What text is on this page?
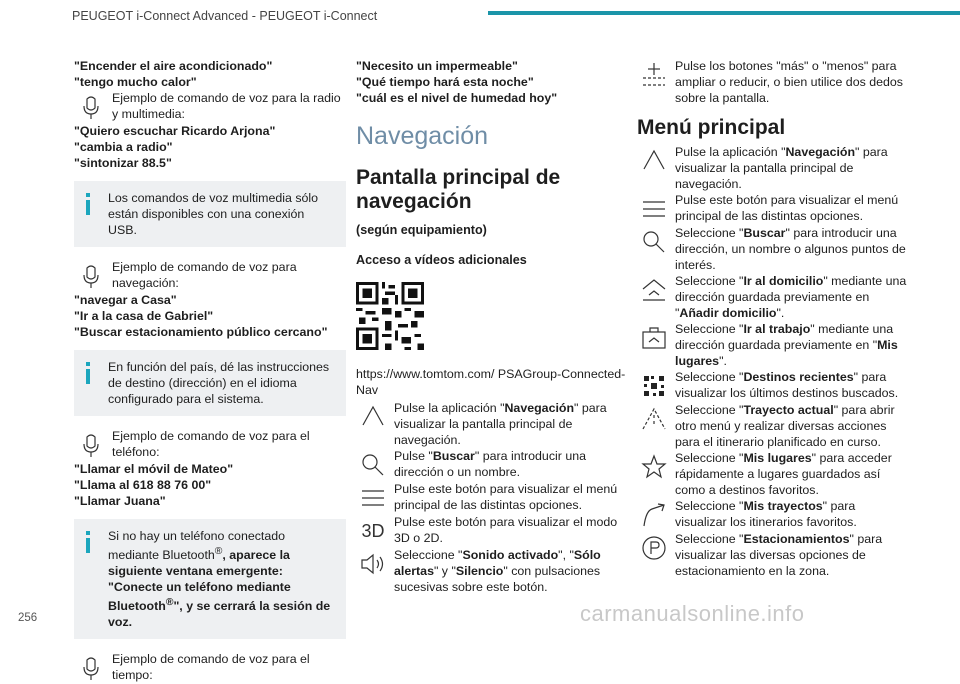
PEUGEOT i-Connect Advanced - PEUGEOT i-Connect

"Encender el aire acondicionado"

"tengo mucho calor"

Ejemplo de comando de voz para la radio y multimedia:

"Quiero escuchar Ricardo Arjona"

"cambia a radio"

"sintonizar 88.5"

Los comandos de voz multimedia sólo están disponibles con una conexión USB.

Ejemplo de comando de voz para navegación:

"navegar a Casa"

"Ir a la casa de Gabriel"

"Buscar estacionamiento público cercano"

En función del país, dé las instrucciones de destino (dirección) en el idioma configurado para el sistema.

Ejemplo de comando de voz para el teléfono:

"Llamar el móvil de Mateo"

"Llama al 618 88 76 00"

"Llamar Juana"

Si no hay un teléfono conectado mediante Bluetooth®, aparece la siguiente ventana emergente: "Conecte un teléfono mediante Bluetooth®", y se cerrará la sesión de voz.

Ejemplo de comando de voz para el tiempo:

"Necesito un impermeable"

"Qué tiempo hará esta noche"

"cuál es el nivel de humedad hoy"

Navegación
Pantalla principal de navegación
(según equipamiento)
Acceso a vídeos adicionales

https://www.tomtom.com/ PSAGroup-Connected-Nav

Pulse la aplicación "Navegación" para visualizar la pantalla principal de navegación.

Pulse "Buscar" para introducir una dirección o un nombre.

Pulse este botón para visualizar el menú principal de las distintas opciones.

3D Pulse este botón para visualizar el modo 3D o 2D.

Seleccione "Sonido activado", "Sólo alertas" y "Silencio" con pulsaciones sucesivas sobre este botón.

Pulse los botones "más" o "menos" para ampliar o reducir, o bien utilice dos dedos sobre la pantalla.

Menú principal

Pulse la aplicación "Navegación" para visualizar la pantalla principal de navegación.

Pulse este botón para visualizar el menú principal de las distintas opciones.

Seleccione "Buscar" para introducir una dirección, un nombre o algunos puntos de interés.

Seleccione "Ir al domicilio" mediante una dirección guardada previamente en "Añadir domicilio".

Seleccione "Ir al trabajo" mediante una dirección guardada previamente en "Mis lugares".

Seleccione "Destinos recientes" para visualizar los últimos destinos buscados.

Seleccione "Trayecto actual" para abrir otro menú y realizar diversas acciones para el itinerario planificado en curso.

Seleccione "Mis lugares" para acceder rápidamente a lugares guardados así como a destinos favoritos.

Seleccione "Mis trayectos" para visualizar los itinerarios favoritos.

Seleccione "Estacionamientos" para visualizar las diversas opciones de estacionamiento en la zona.

256	carmanualsonline.info
